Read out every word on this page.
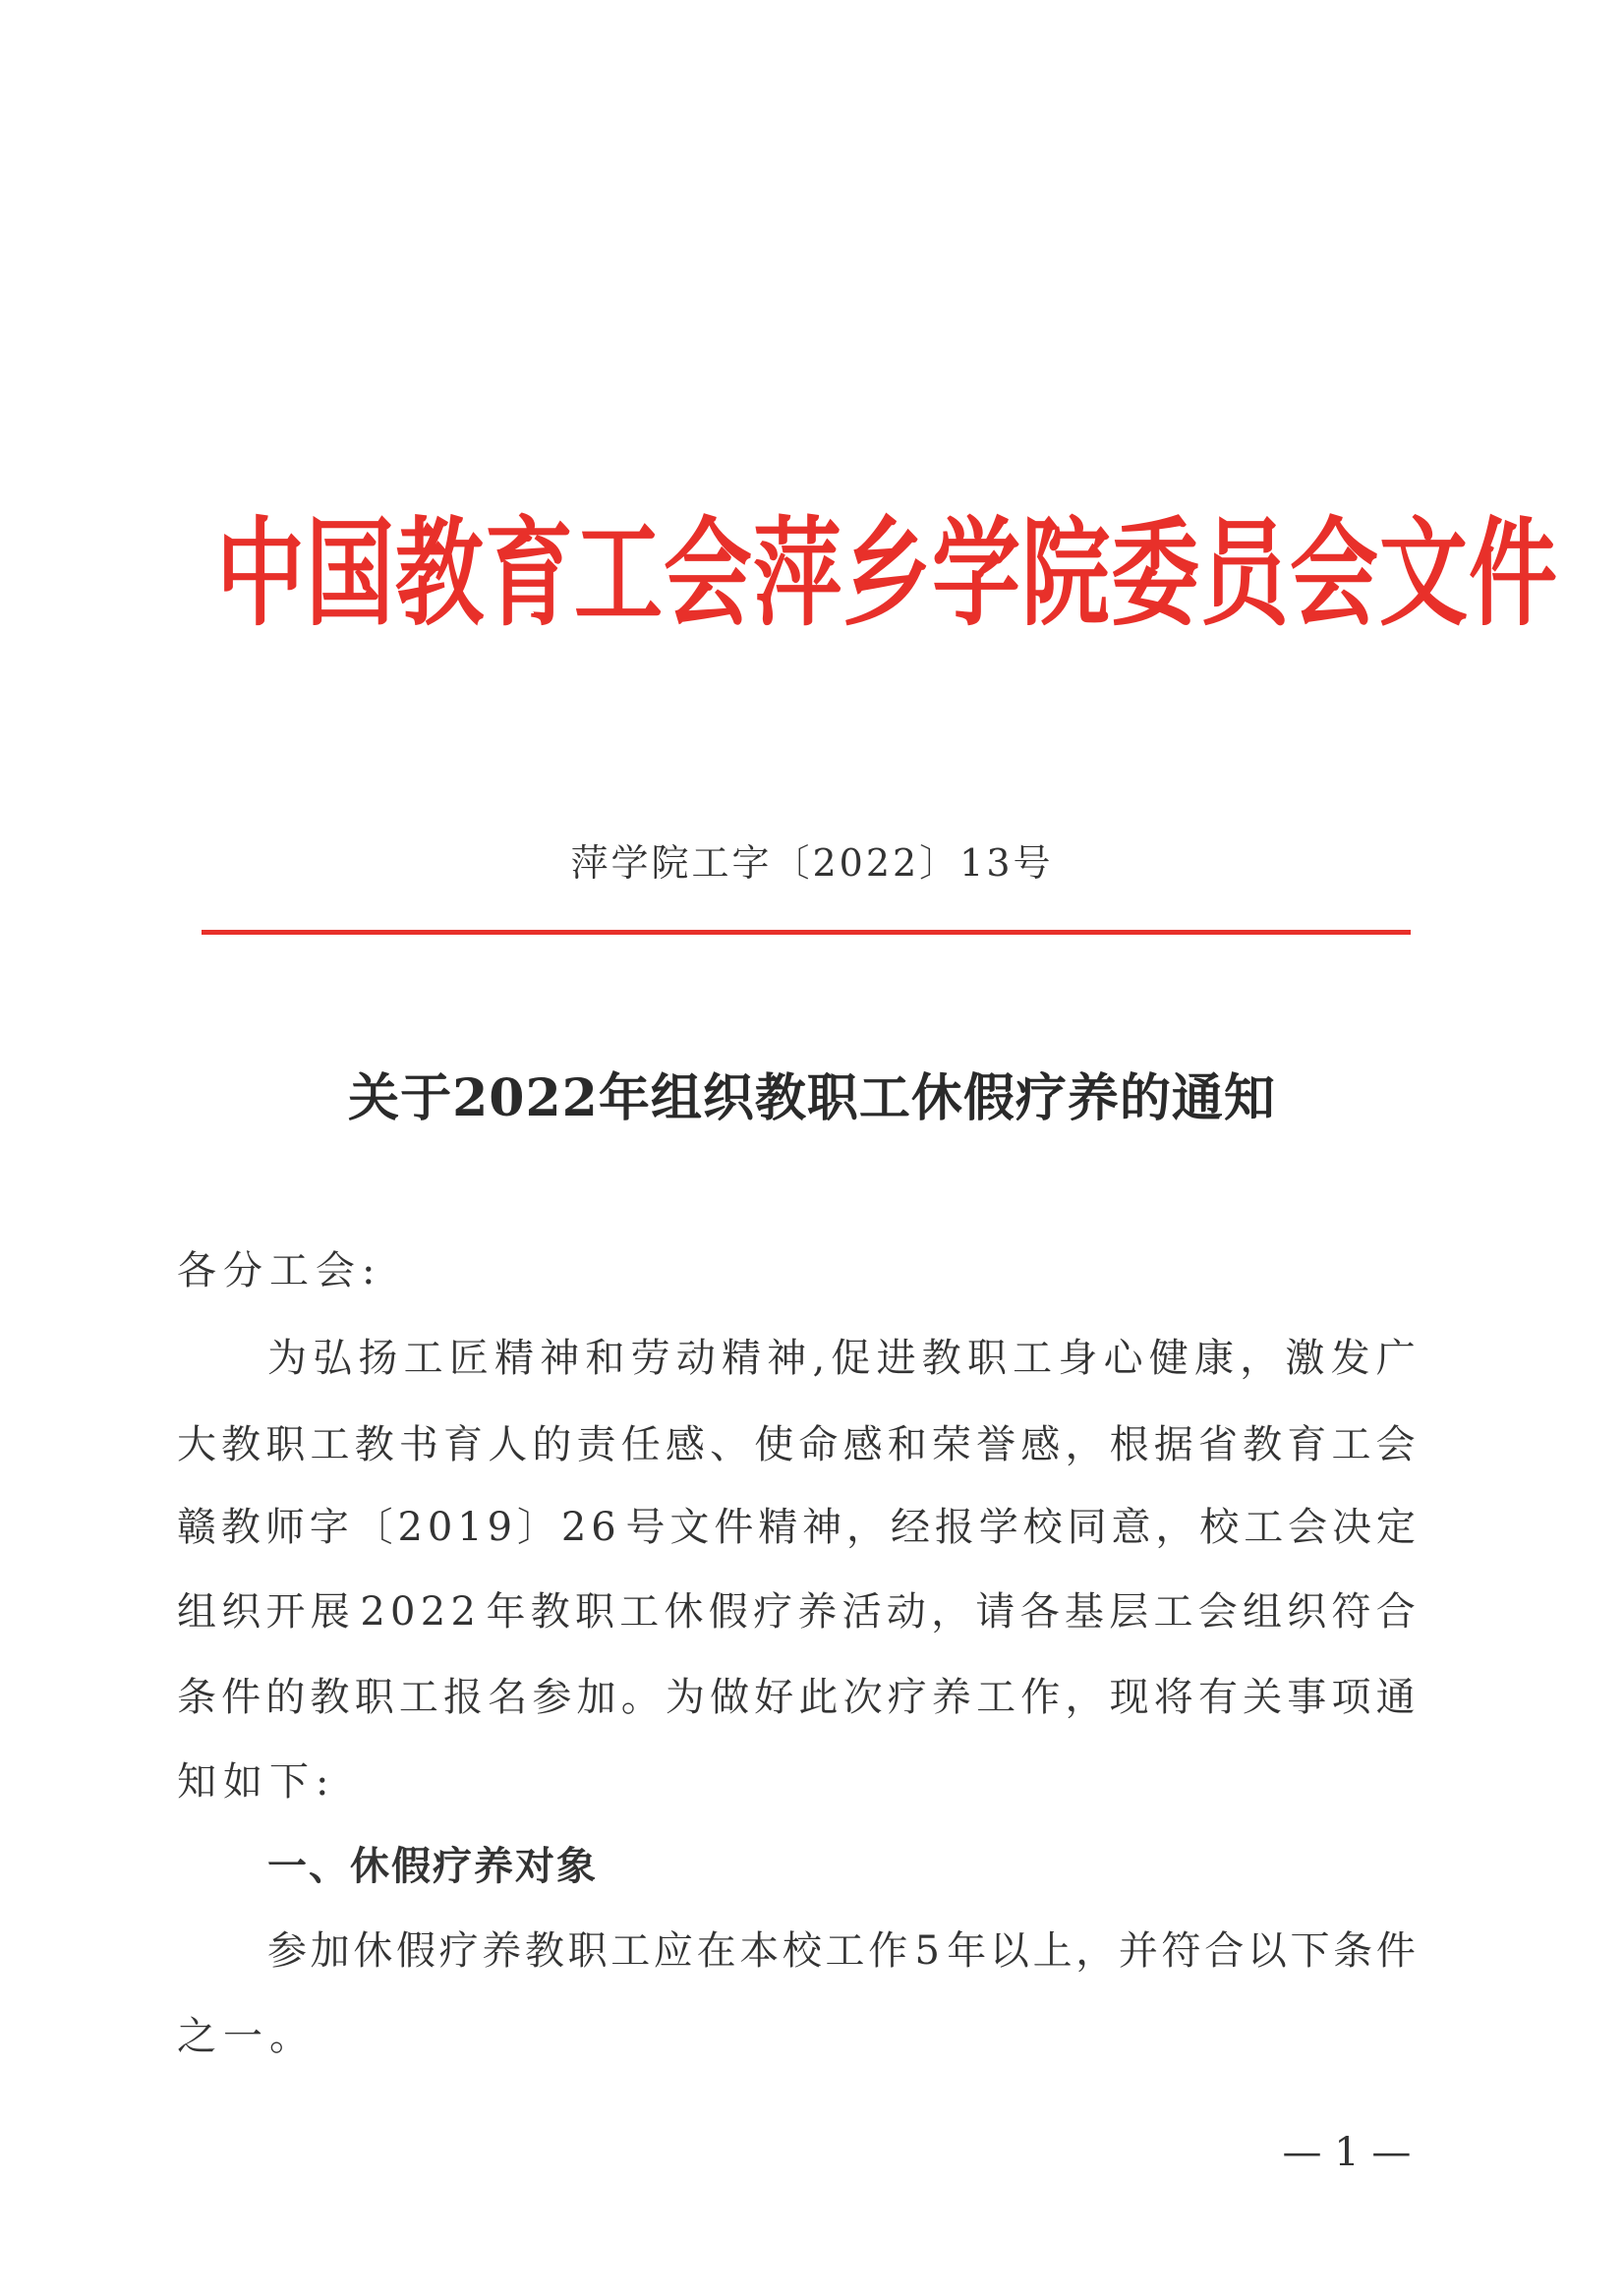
中国教育工会萍乡学院委员会文件
萍学院工字〔2022〕13号
关于2022年组织教职工休假疗养的通知
各分工会:
为 弘 扬 工 匠 精 神 和 劳 动 精 神 , 促 进 教 职 工 身 心 健 康 ， 激 发 广
大 教 职 工 教 书 育 人 的 责 任 感 、 使 命 感 和 荣 誉 感 ， 根 据 省 教 育 工 会
赣 教 师 字 〔 2 0 1 9 〕 2 6 号 文 件 精 神 ， 经 报 学 校 同 意 ， 校 工 会 决 定
组 织 开 展 2 0 2 2 年 教 职 工 休 假 疗 养 活 动 ， 请 各 基 层 工 会 组 织 符 合
条 件 的 教 职 工 报 名 参 加 。 为 做 好 此 次 疗 养 工 作 ， 现 将 有 关 事 项 通
知如下:
一、休假疗养对象
参 加 休 假 疗 养 教 职 工 应 在 本 校 工 作 5 年 以 上 ， 并 符 合 以 下 条 件
之一。
— 1 —
